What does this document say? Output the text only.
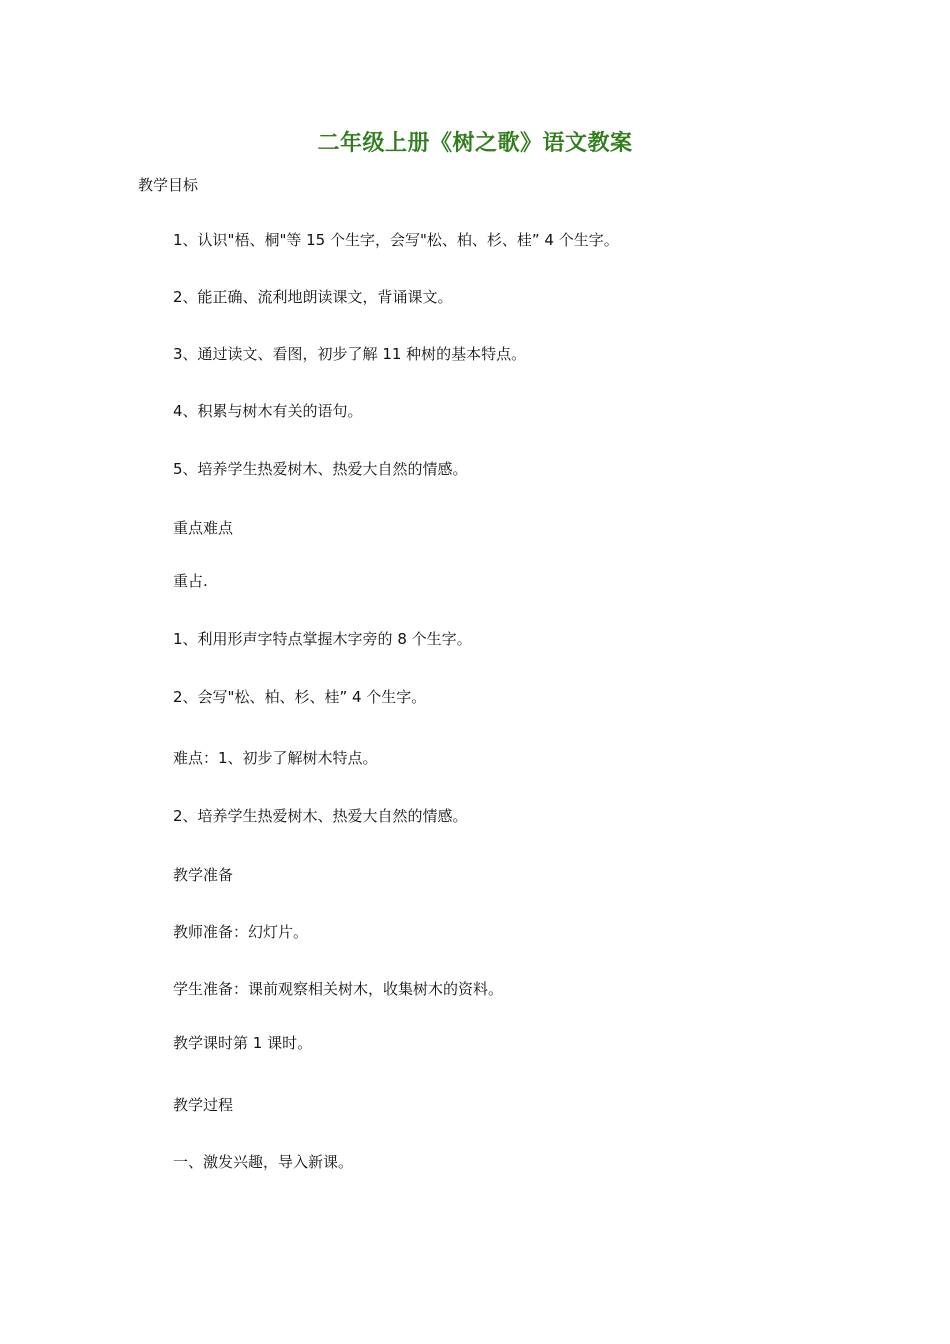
二年级上册《树之歌》语文教案
教学目标
1、认识"梧、桐"等 15 个生字，会写"松、柏、杉、桂” 4 个生字。
2、能正确、流利地朗读课文，背诵课文。
3、通过读文、看图，初步了解 11 种树的基本特点。
4、积累与树木有关的语句。
5、培养学生热爱树木、热爱大自然的情感。
重点难点
重占.
1、利用形声字特点掌握木字旁的 8 个生字。
2、会写"松、柏、杉、桂” 4 个生字。
难点：1、初步了解树木特点。
2、培养学生热爱树木、热爱大自然的情感。
教学准备
教师准备：幻灯片。
学生准备：课前观察相关树木，收集树木的资料。
教学课时第 1 课时。
教学过程
一、激发兴趣，导入新课。
